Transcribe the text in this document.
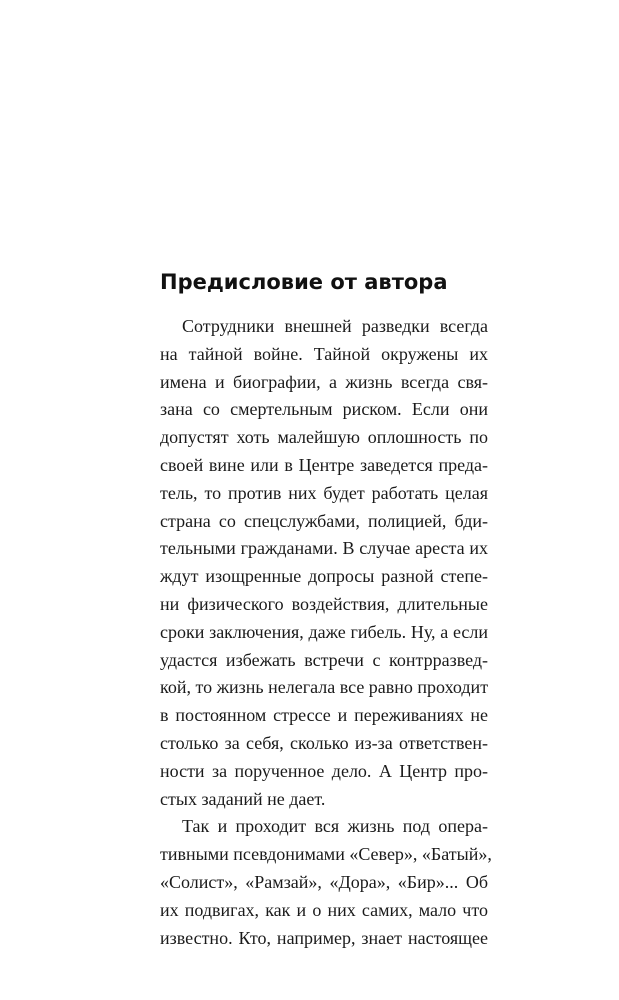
Предисловие от автора
Сотрудники внешней разведки всегда
на тайной войне. Тайной окружены их
имена и биографии, а жизнь всегда свя-
зана со смертельным риском. Если они
допустят хоть малейшую оплошность по
своей вине или в Центре заведется преда-
тель, то против них будет работать целая
страна со спецслужбами, полицией, бди-
тельными гражданами. В случае ареста их
ждут изощренные допросы разной степе-
ни физического воздействия, длительные
сроки заключения, даже гибель. Ну, а если
удастся избежать встречи с контрразвед-
кой, то жизнь нелегала все равно проходит
в постоянном стрессе и переживаниях не
столько за себя, сколько из-за ответствен-
ности за порученное дело. А Центр про-
стых заданий не дает.
Так и проходит вся жизнь под опера-
тивными псевдонимами «Север», «Батый»,
«Солист», «Рамзай», «Дора», «Бир»... Об
их подвигах, как и о них самих, мало что
известно. Кто, например, знает настоящее
